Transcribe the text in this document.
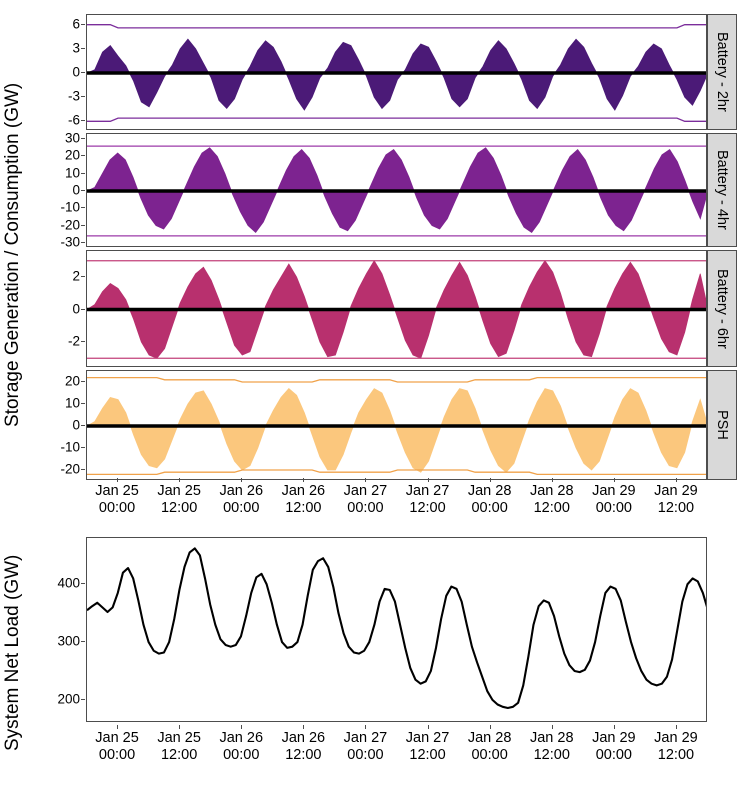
Storage Generation / Consumption (GW)
System Net Load (GW)
-6
-3
0
3
6
Battery - 2hr
-30
-20
-10
0
10
20
30
Battery - 4hr
-2
0
2	Battery - 6hr
-20
-10
0
10
20
PSH
Jan 25
00:00
Jan 25
12:00
Jan 26
00:00
Jan 26
12:00
Jan 27
00:00
Jan 27
12:00
Jan 28
00:00
Jan 28
12:00
Jan 29
00:00
Jan 29
12:00
200
300
400
Jan 25
00:00
Jan 25
12:00
Jan 26
00:00
Jan 26
12:00
Jan 27
00:00
Jan 27
12:00
Jan 28
00:00
Jan 28
12:00
Jan 29
00:00
Jan 29
12:00
